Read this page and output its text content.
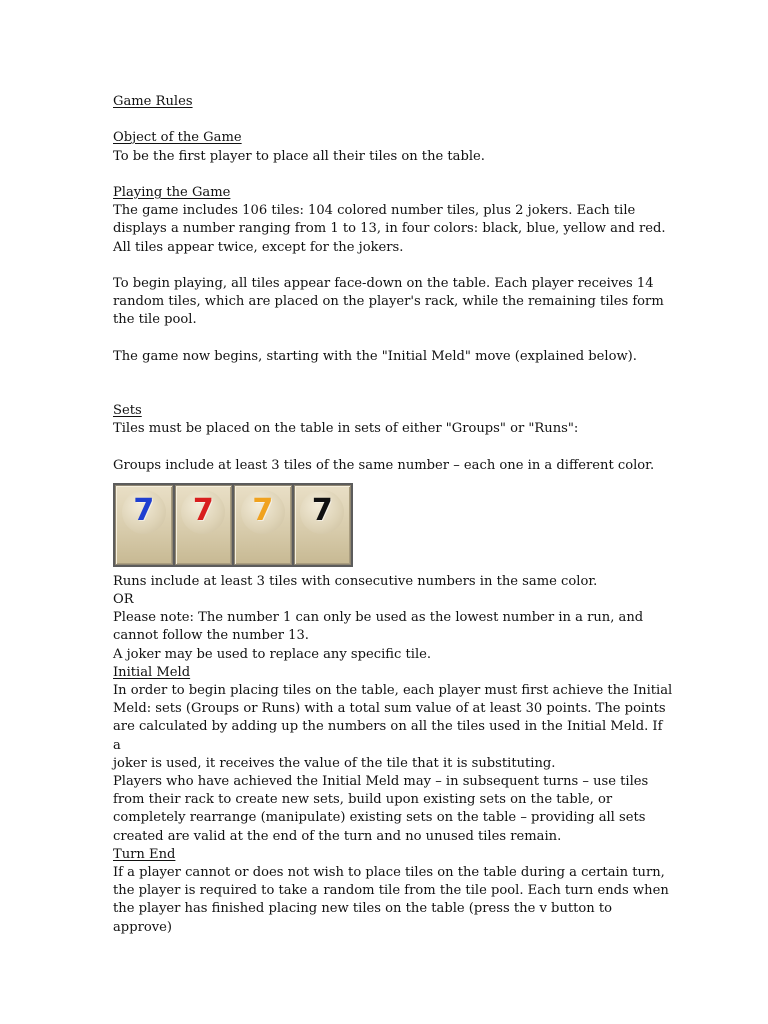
Game Rules

Object of the Game

To be the first player to place all their tiles on the table.

Playing the Game

The game includes 106 tiles: 104 colored number tiles, plus 2 jokers. Each tile

displays a number ranging from 1 to 13, in four colors: black, blue, yellow and red.

All tiles appear twice, except for the jokers.

To begin playing, all tiles appear face-down on the table. Each player receives 14

random tiles, which are placed on the player's rack, while the remaining tiles form

the tile pool.

The game now begins, starting with the "Initial Meld" move (explained below).

Sets

Tiles must be placed on the table in sets of either "Groups" or "Runs":

Groups include at least 3 tiles of the same number – each one in a different color.

7	7	7	7

Runs include at least 3 tiles with consecutive numbers in the same color.

OR

Please note: The number 1 can only be used as the lowest number in a run, and

cannot follow the number 13.

A joker may be used to replace any specific tile.

Initial Meld

In order to begin placing tiles on the table, each player must first achieve the Initial

Meld: sets (Groups or Runs) with a total sum value of at least 30 points. The points

are calculated by adding up the numbers on all the tiles used in the Initial Meld. If a

joker is used, it receives the value of the tile that it is substituting.

Players who have achieved the Initial Meld may – in subsequent turns – use tiles

from their rack to create new sets, build upon existing sets on the table, or

completely rearrange (manipulate) existing sets on the table – providing all sets

created are valid at the end of the turn and no unused tiles remain.

Turn End

If a player cannot or does not wish to place tiles on the table during a certain turn,

the player is required to take a random tile from the tile pool. Each turn ends when

the player has finished placing new tiles on the table (press the v button to approve)
